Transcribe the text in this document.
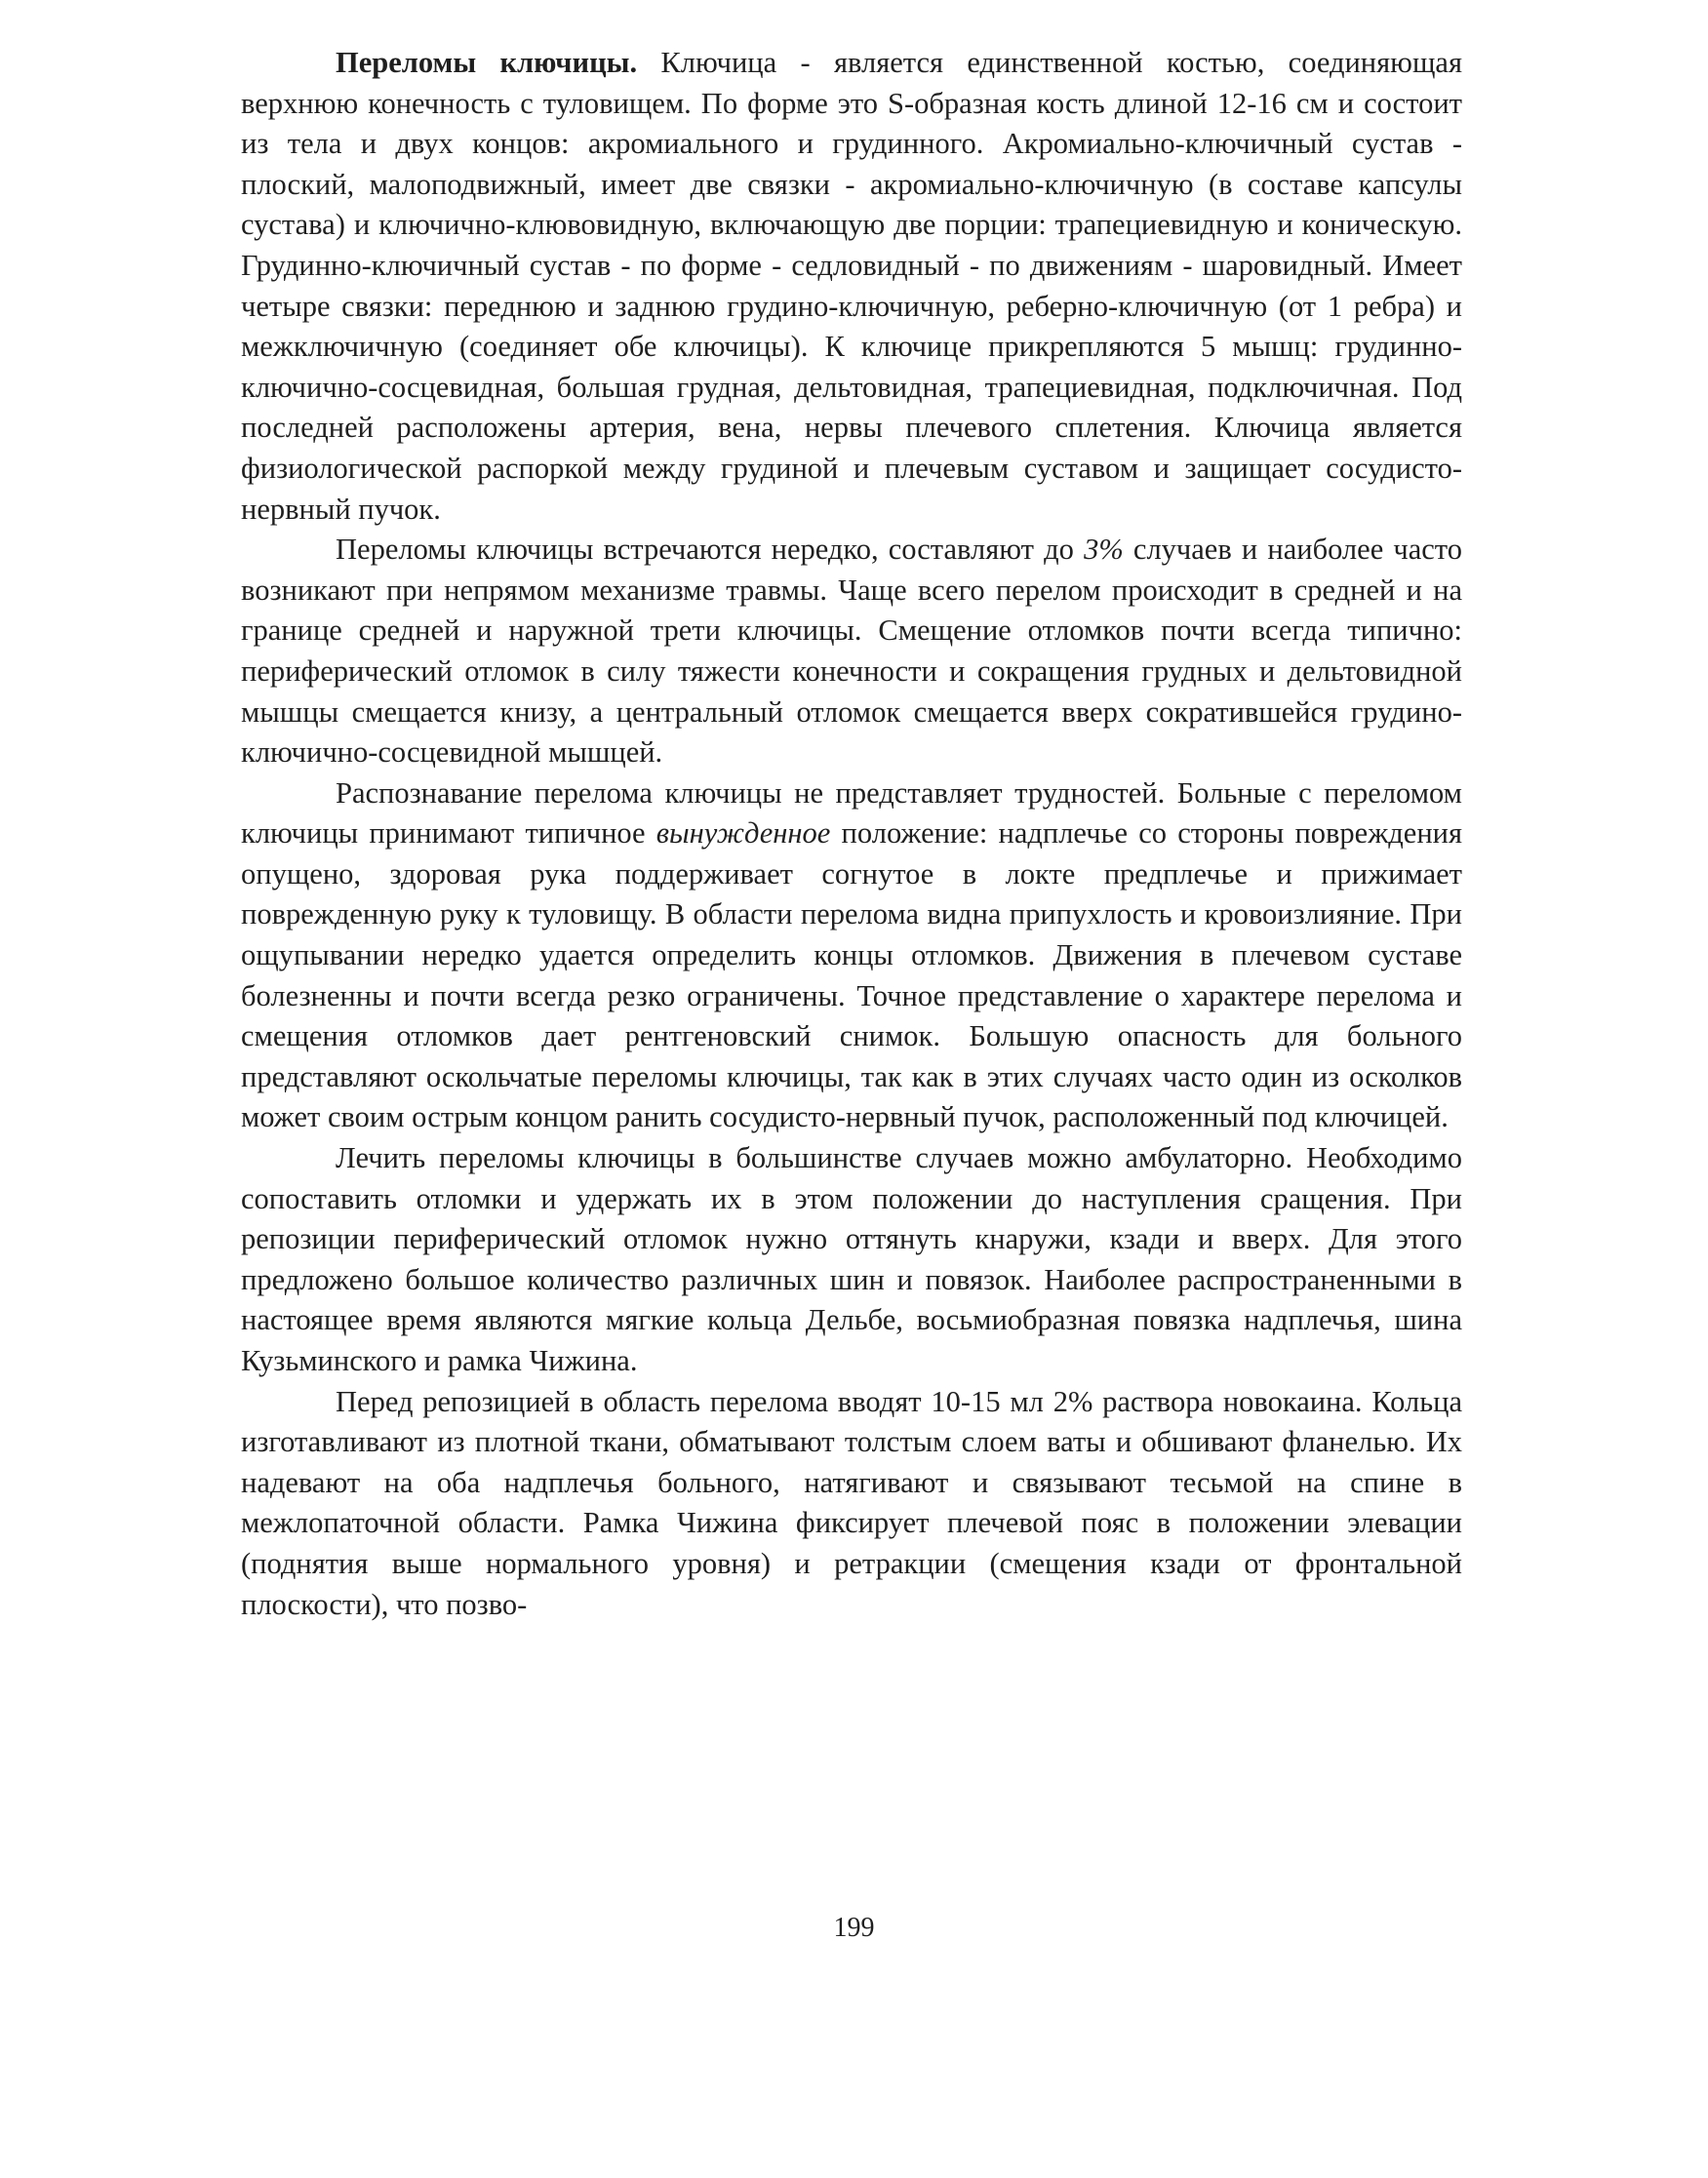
Переломы ключицы. Ключица - является единственной костью, соединяющая верхнюю конечность с туловищем. По форме это S-образная кость длиной 12-16 см и состоит из тела и двух концов: акромиального и грудинного. Акромиально-ключичный сустав - плоский, малоподвижный, имеет две связки - акромиально-ключичную (в составе капсулы сустава) и ключично-клювовидную, включающую две порции: трапециевидную и коническую. Грудинно-ключичный сустав - по форме - седловидный - по движениям - шаровидный. Имеет четыре связки: переднюю и заднюю грудино-ключичную, реберно-ключичную (от 1 ребра) и межключичную (соединяет обе ключицы). К ключице прикрепляются 5 мышц: грудинно-ключично-сосцевидная, большая грудная, дельтовидная, трапециевидная, подключичная. Под последней расположены артерия, вена, нервы плечевого сплетения. Ключица является физиологической распоркой между грудиной и плечевым суставом и защищает сосудисто-нервный пучок.

Переломы ключицы встречаются нередко, составляют до 3% случаев и наиболее часто возникают при непрямом механизме травмы. Чаще всего перелом происходит в средней и на границе средней и наружной трети ключицы. Смещение отломков почти всегда типично: периферический отломок в силу тяжести конечности и сокращения грудных и дельтовидной мышцы смещается книзу, а центральный отломок смещается вверх сократившейся грудино-ключично-сосцевидной мышцей.

Распознавание перелома ключицы не представляет трудностей. Больные с переломом ключицы принимают типичное вынужденное положение: надплечье со стороны повреждения опущено, здоровая рука поддерживает согнутое в локте предплечье и прижимает поврежденную руку к туловищу. В области перелома видна припухлость и кровоизлияние. При ощупывании нередко удается определить концы отломков. Движения в плечевом суставе болезненны и почти всегда резко ограничены. Точное представление о характере перелома и смещения отломков дает рентгеновский снимок. Большую опасность для больного представляют оскольчатые переломы ключицы, так как в этих случаях часто один из осколков может своим острым концом ранить сосудисто-нервный пучок, расположенный под ключицей.

Лечить переломы ключицы в большинстве случаев можно амбулаторно. Необходимо сопоставить отломки и удержать их в этом положении до наступления сращения. При репозиции периферический отломок нужно оттянуть кнаружи, кзади и вверх. Для этого предложено большое количество различных шин и повязок. Наиболее распространенными в настоящее время являются мягкие кольца Дельбе, восьмиобразная повязка надплечья, шина Кузьминского и рамка Чижина.

Перед репозицией в область перелома вводят 10-15 мл 2% раствора новокаина. Кольца изготавливают из плотной ткани, обматывают толстым слоем ваты и обшивают фланелью. Их надевают на оба надплечья больного, натягивают и связывают тесьмой на спине в межлопаточной области. Рамка Чижина фиксирует плечевой пояс в положении элевации (поднятия выше нормального уровня) и ретракции (смещения кзади от фронтальной плоскости), что позво-

199
